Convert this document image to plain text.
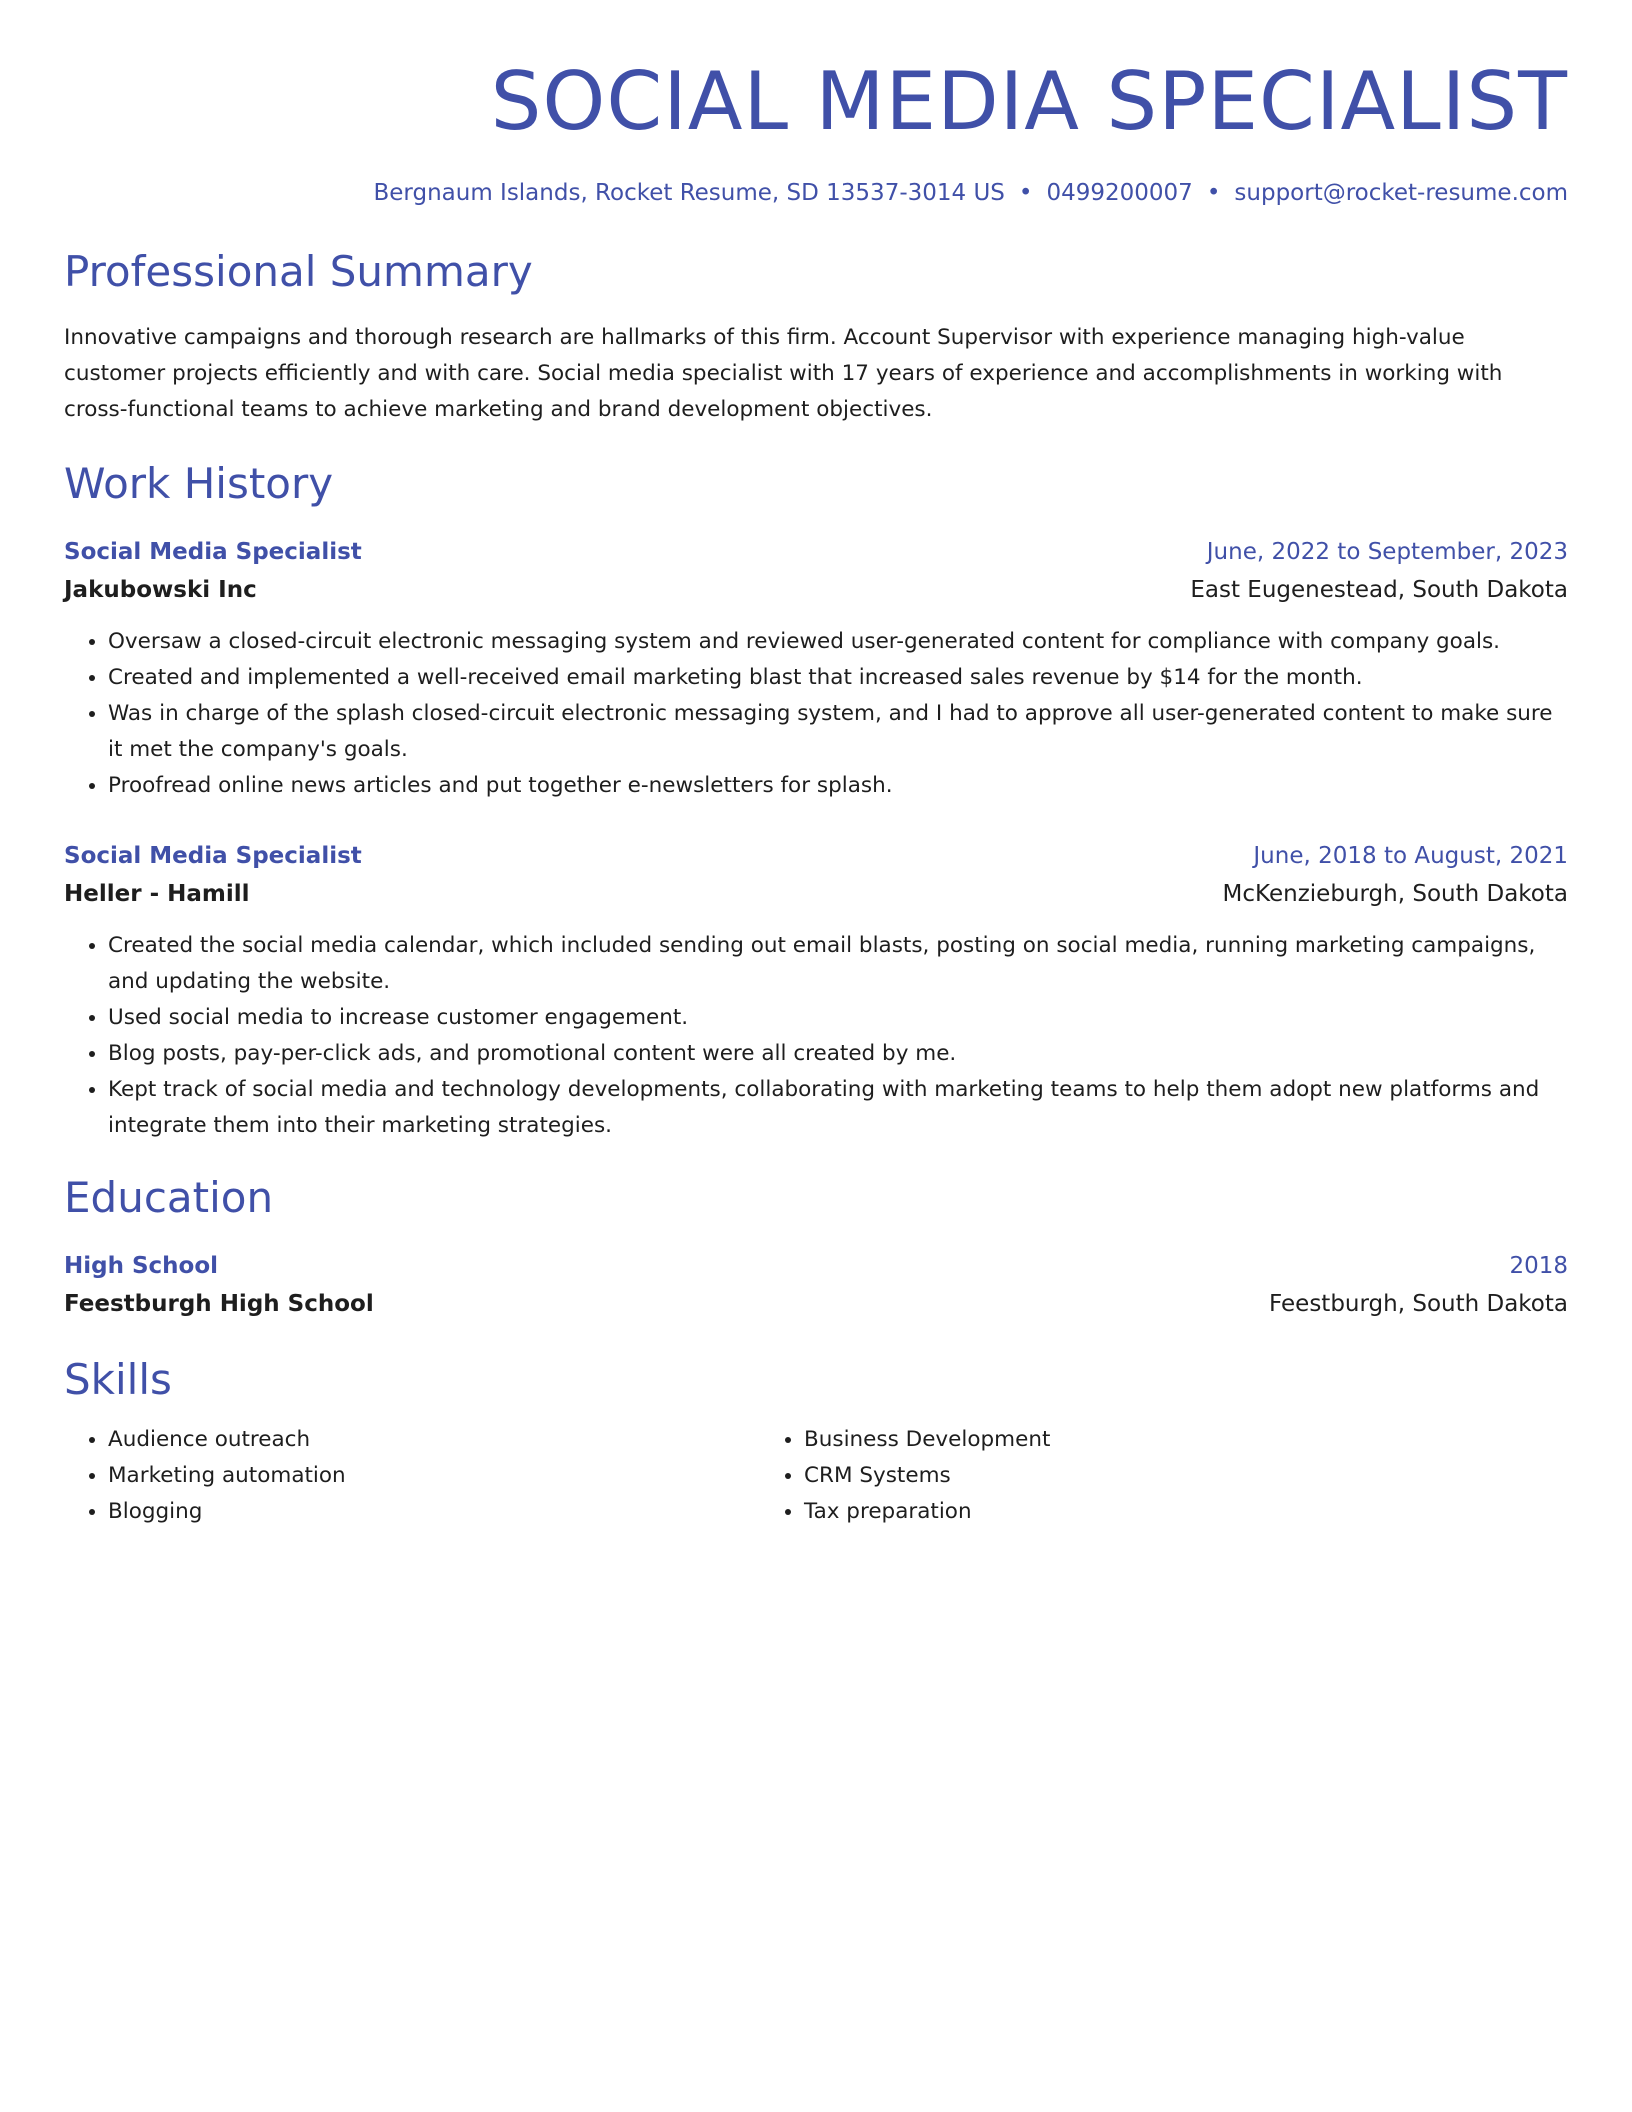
SOCIAL MEDIA SPECIALIST
Bergnaum Islands, Rocket Resume, SD 13537-3014 US • 0499200007 • support@rocket-resume.com
Professional Summary
Innovative campaigns and thorough research are hallmarks of this firm. Account Supervisor with experience managing high-value customer projects efficiently and with care. Social media specialist with 17 years of experience and accomplishments in working with cross-functional teams to achieve marketing and brand development objectives.
Work History
Social Media Specialist	June, 2022 to September, 2023
Jakubowski Inc	East Eugenestead, South Dakota
• Oversaw a closed-circuit electronic messaging system and reviewed user-generated content for compliance with company goals.
• Created and implemented a well-received email marketing blast that increased sales revenue by $14 for the month.
• Was in charge of the splash closed-circuit electronic messaging system, and I had to approve all user-generated content to make sure it met the company's goals.
• Proofread online news articles and put together e-newsletters for splash.
Social Media Specialist	June, 2018 to August, 2021
Heller - Hamill	McKenzieburgh, South Dakota
• Created the social media calendar, which included sending out email blasts, posting on social media, running marketing campaigns, and updating the website.
• Used social media to increase customer engagement.
• Blog posts, pay-per-click ads, and promotional content were all created by me.
• Kept track of social media and technology developments, collaborating with marketing teams to help them adopt new platforms and integrate them into their marketing strategies.
Education
High School	2018
Feestburgh High School	Feestburgh, South Dakota
Skills
• Audience outreach
• Marketing automation
• Blogging
• Business Development
• CRM Systems
• Tax preparation
